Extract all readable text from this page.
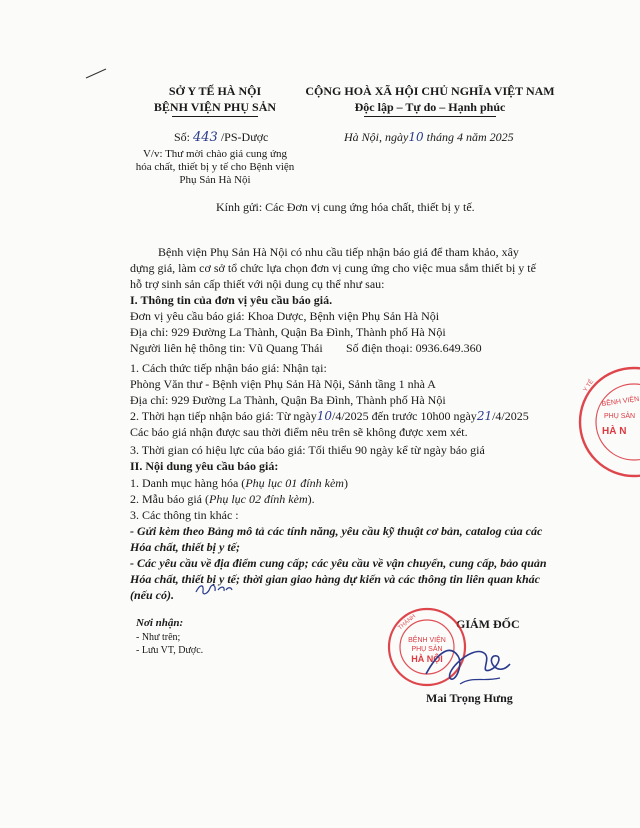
SỞ Y TẾ HÀ NỘI
BỆNH VIỆN PHỤ SẢN
Số: 443 /PS-Dược
V/v: Thư mời chào giá cung ứng
hóa chất, thiết bị y tế cho Bệnh viện
Phụ Sản Hà Nội
CỘNG HOÀ XÃ HỘI CHỦ NGHĨA VIỆT NAM
Độc lập – Tự do – Hạnh phúc
Hà Nội, ngày10 tháng 4 năm 2025
Kính gửi: Các Đơn vị cung ứng hóa chất, thiết bị y tế.
Bệnh viện Phụ Sản Hà Nội có nhu cầu tiếp nhận báo giá để tham khảo, xây
dựng giá, làm cơ sở tổ chức lựa chọn đơn vị cung ứng cho việc mua sắm thiết bị y tế
hỗ trợ sinh sản cấp thiết với nội dung cụ thể như sau:
I. Thông tin của đơn vị yêu cầu báo giá.
Đơn vị yêu cầu báo giá: Khoa Dược, Bệnh viện Phụ Sản Hà Nội
Địa chỉ: 929 Đường La Thành, Quận Ba Đình, Thành phố Hà Nội
Người liên hệ thông tin: Vũ Quang Thái Số điện thoại: 0936.649.360
1. Cách thức tiếp nhận báo giá: Nhận tại:
Phòng Văn thư - Bệnh viện Phụ Sản Hà Nội, Sảnh tầng 1 nhà A
Địa chỉ: 929 Đường La Thành, Quận Ba Đình, Thành phố Hà Nội
2. Thời hạn tiếp nhận báo giá: Từ ngày10/4/2025 đến trước 10h00 ngày21/4/2025
Các báo giá nhận được sau thời điểm nêu trên sẽ không được xem xét.
3. Thời gian có hiệu lực của báo giá: Tối thiểu 90 ngày kể từ ngày báo giá
II. Nội dung yêu cầu báo giá:
1. Danh mục hàng hóa (Phụ lục 01 đính kèm)
2. Mẫu báo giá (Phụ lục 02 đính kèm).
3. Các thông tin khác :
- Gửi kèm theo Bảng mô tả các tính năng, yêu cầu kỹ thuật cơ bản, catalog của các
Hóa chất, thiết bị y tế;
- Các yêu cầu về địa điểm cung cấp; các yêu cầu về vận chuyển, cung cấp, bảo quản
Hóa chất, thiết bị y tế; thời gian giao hàng dự kiến và các thông tin liên quan khác
(nếu có).
Nơi nhận:
- Như trên;
- Lưu VT, Dược.
GIÁM ĐỐC
Mai Trọng Hưng
BỆNH VIỆN
PHỤ SẢN
HÀ NỘI
THÀNH
BỆNH VIỆN
PHỤ SẢN
HÀ N
Y TẾ
